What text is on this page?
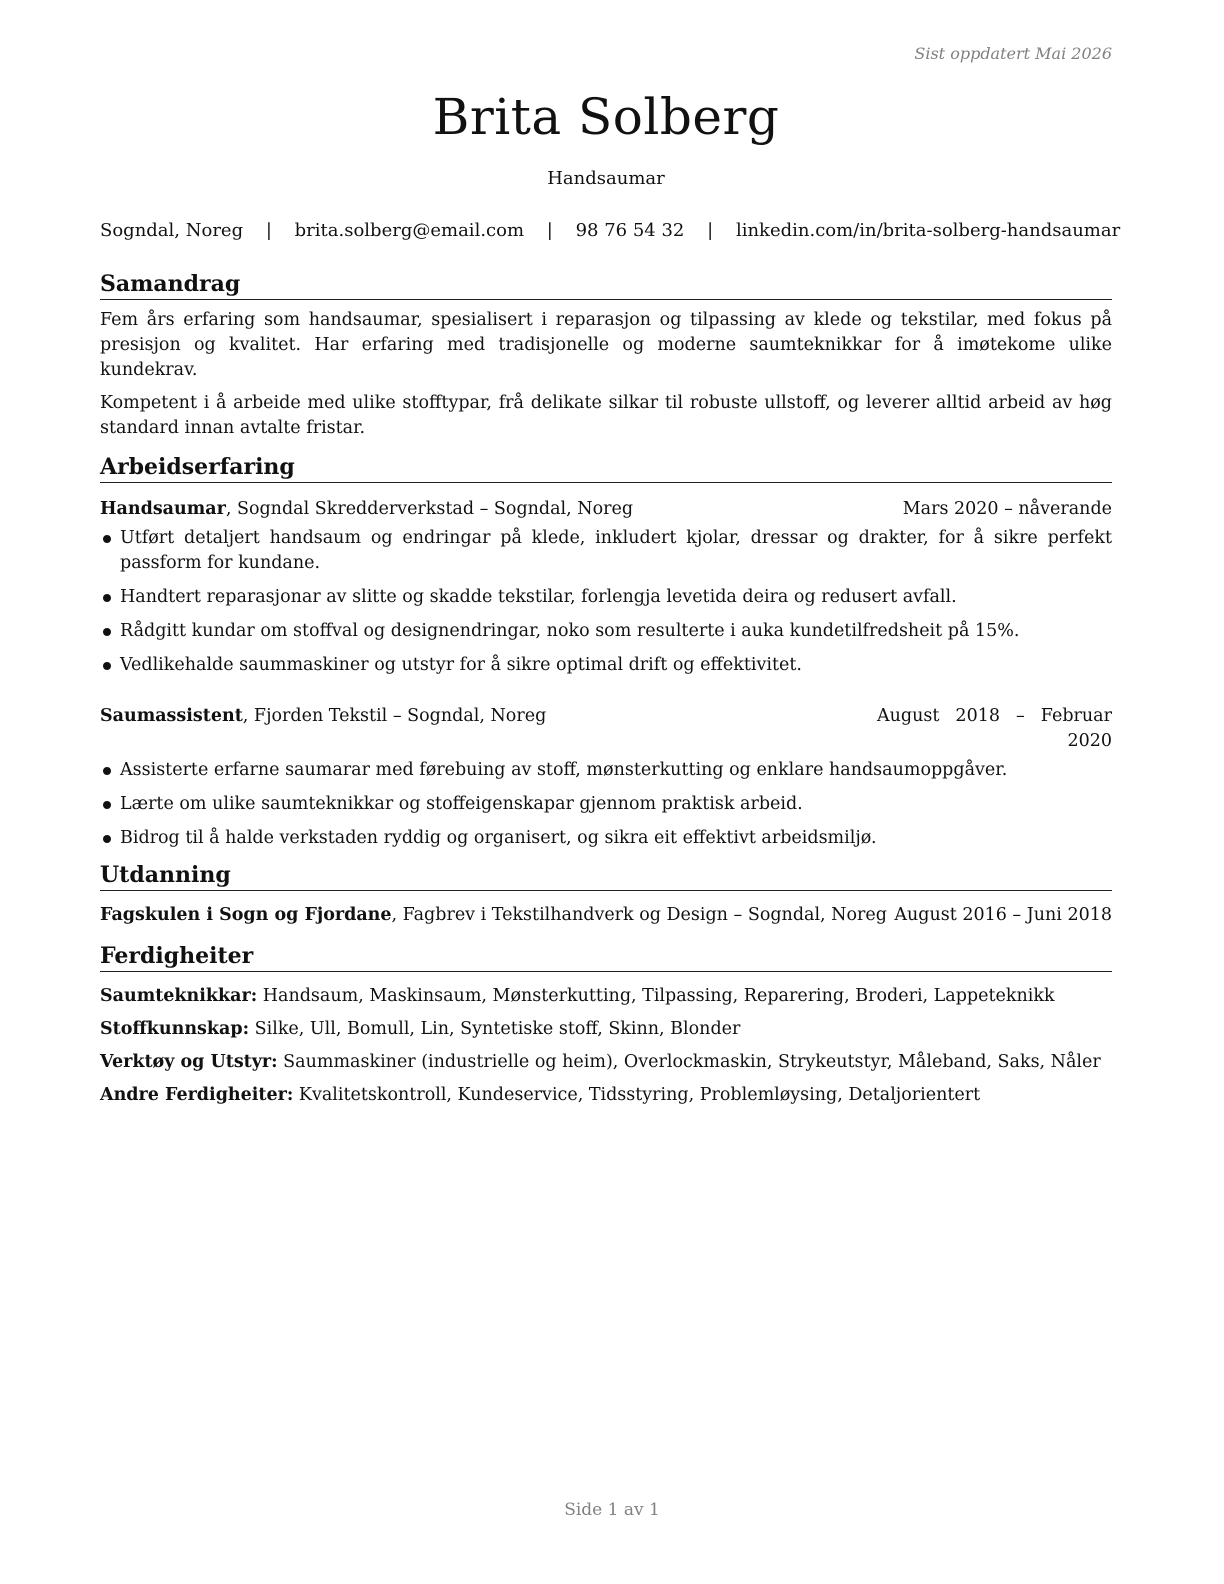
Sist oppdatert Mai 2026
Brita Solberg
Handsaumar
Sogndal, Noreg | brita.solberg@email.com | 98 76 54 32 | linkedin.com/in/brita-solberg-handsaumar
Samandrag

Fem års erfaring som handsaumar, spesialisert i reparasjon og tilpassing av klede og tekstilar, med fokus på presisjon og kvalitet. Har erfaring med tradisjonelle og moderne saumteknikkar for å imøtekome ulike kundekrav.

Kompetent i å arbeide med ulike stofftypar, frå delikate silkar til robuste ullstoff, og leverer alltid arbeid av høg standard innan avtalte fristar.

Arbeidserfaring
Handsaumar, Sogndal Skredderverkstad – Sogndal, Noreg	Mars 2020 – nåverande
Utført detaljert handsaum og endringar på klede, inkludert kjolar, dressar og drakter, for å sikre perfekt passform for kundane.
Handtert reparasjonar av slitte og skadde tekstilar, forlengja levetida deira og redusert avfall.
Rådgitt kundar om stoffval og designendringar, noko som resulterte i auka kundetilfredsheit på 15%.
Vedlikehalde saummaskiner og utstyr for å sikre optimal drift og effektivitet.
Saumassistent, Fjorden Tekstil – Sogndal, Noreg	August 2018 – Februar 2020
Assisterte erfarne saumarar med førebuing av stoff, mønsterkutting og enklare handsaumoppgåver.
Lærte om ulike saumteknikkar og stoffeigenskapar gjennom praktisk arbeid.
Bidrog til å halde verkstaden ryddig og organisert, og sikra eit effektivt arbeidsmiljø.
Utdanning
Fagskulen i Sogn og Fjordane, Fagbrev i Tekstilhandverk og Design – Sogndal, Noreg August 2016 – Juni 2018
Ferdigheiter
Saumteknikkar: Handsaum, Maskinsaum, Mønsterkutting, Tilpassing, Reparering, Broderi, Lappeteknikk
Stoffkunnskap: Silke, Ull, Bomull, Lin, Syntetiske stoff, Skinn, Blonder
Verktøy og Utstyr: Saummaskiner (industrielle og heim), Overlockmaskin, Strykeutstyr, Måleband, Saks, Nåler
Andre Ferdigheiter: Kvalitetskontroll, Kundeservice, Tidsstyring, Problemløysing, Detaljorientert
Side 1 av 1
